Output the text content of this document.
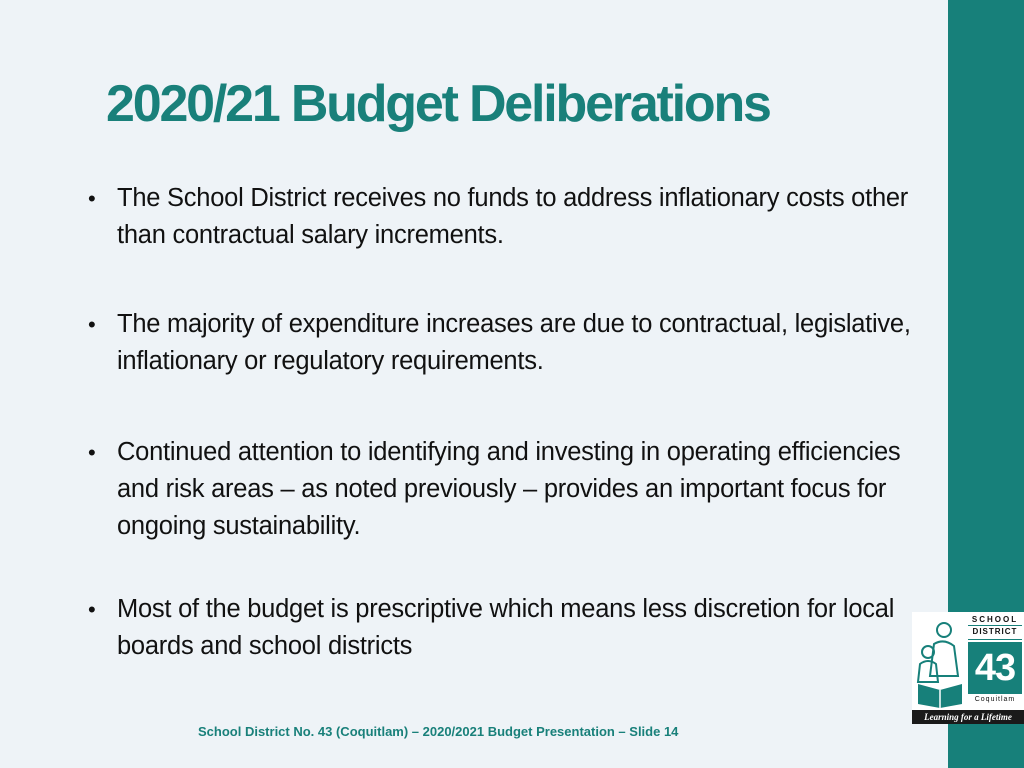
2020/21 Budget Deliberations
• The School District receives no funds to address inflationary costs other than contractual salary increments.
• The majority of expenditure increases are due to contractual, legislative, inflationary or regulatory requirements.
• Continued attention to identifying and investing in operating efficiencies and risk areas – as noted previously – provides an important focus for ongoing sustainability.
• Most of the budget is prescriptive which means less discretion for local boards and school districts

School District No. 43 (Coquitlam) – 2020/2021 Budget Presentation – Slide 14

SCHOOL
DISTRICT
43
Coquitlam
Learning for a Lifetime
